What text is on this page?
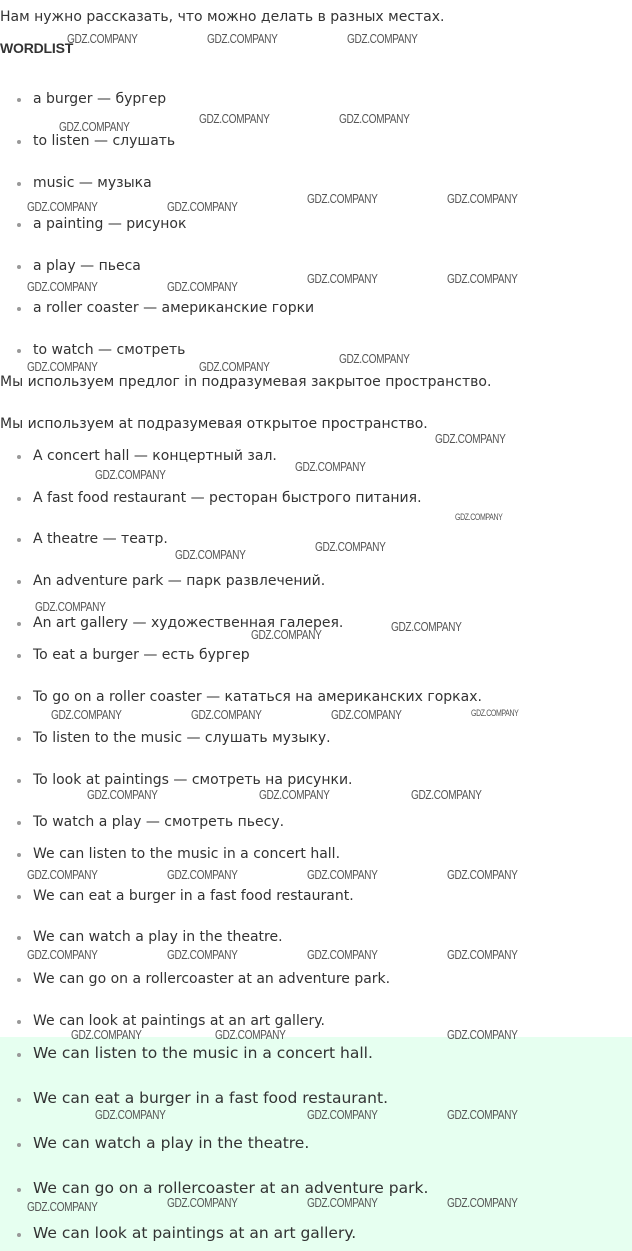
Нам нужно рассказать, что можно делать в разных местах.
WORDLIST
a burger — бургер
to listen — слушать
music — музыка
a painting — рисунок
a play — пьеса
a roller coaster — американские горки
to watch — смотреть
Мы используем предлог in подразумевая закрытое пространство.
Мы используем at подразумевая открытое пространство.
A concert hall — концертный зал.
A fast food restaurant — ресторан быстрого питания.
A theatre — театр.
An adventure park — парк развлечений.
An art gallery — художественная галерея.
To eat a burger — есть бургер
To go on a roller coaster — кататься на американских горках.
To listen to the music — слушать музыку.
To look at paintings — смотреть на рисунки.
To watch a play — смотреть пьесу.
We can listen to the music in a concert hall.
We can eat a burger in a fast food restaurant.
We can watch a play in the theatre.
We can go on a rollercoaster at an adventure park.
We can look at paintings at an art gallery.
We can listen to the music in a concert hall.
We can eat a burger in a fast food restaurant.
We can watch a play in the theatre.
We can go on a rollercoaster at an adventure park.
We can look at paintings at an art gallery.
GDZ.COMPANY	GDZ.COMPANY	GDZ.COMPANY
GDZ.COMPANY
GDZ.COMPANY	GDZ.COMPANY
GDZ.COMPANY	GDZ.COMPANY
GDZ.COMPANY	GDZ.COMPANY
GDZ.COMPANY	GDZ.COMPANY
GDZ.COMPANY	GDZ.COMPANY
GDZ.COMPANY	GDZ.COMPANY
GDZ.COMPANY
GDZ.COMPANY
GDZ.COMPANY
GDZ.COMPANY
GDZ.COMPANY
GDZ.COMPANY
GDZ.COMPANY
GDZ.COMPANY
GDZ.COMPANY
GDZ.COMPANY
GDZ.COMPANY	GDZ.COMPANY	GDZ.COMPANY	GDZ.COMPANY
GDZ.COMPANY	GDZ.COMPANY	GDZ.COMPANY
GDZ.COMPANY	GDZ.COMPANY	GDZ.COMPANY	GDZ.COMPANY
GDZ.COMPANY	GDZ.COMPANY	GDZ.COMPANY	GDZ.COMPANY
GDZ.COMPANY	GDZ.COMPANY	GDZ.COMPANY
GDZ.COMPANY	GDZ.COMPANY	GDZ.COMPANY
GDZ.COMPANY	GDZ.COMPANY	GDZ.COMPANY
GDZ.COMPANY
